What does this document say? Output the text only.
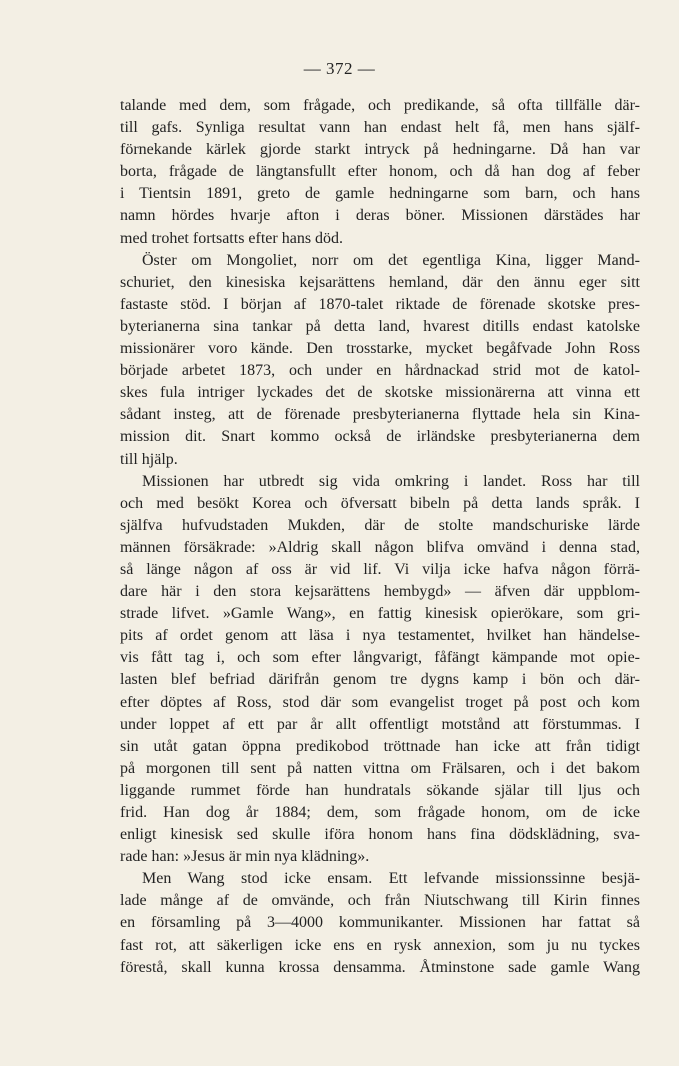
— 372 —
talande med dem, som frågade, och predikande, så ofta tillfälle där-
till gafs. Synliga resultat vann han endast helt få, men hans själf-
förnekande kärlek gjorde starkt intryck på hedningarne. Då han var
borta, frågade de längtansfullt efter honom, och då han dog af feber
i Tientsin 1891, greto de gamle hedningarne som barn, och hans
namn hördes hvarje afton i deras böner. Missionen därstädes har
med trohet fortsatts efter hans död.
Öster om Mongoliet, norr om det egentliga Kina, ligger Mand-
schuriet, den kinesiska kejsarättens hemland, där den ännu eger sitt
fastaste stöd. I början af 1870-talet riktade de förenade skotske pres-
byterianerna sina tankar på detta land, hvarest ditills endast katolske
missionärer voro kände. Den trosstarke, mycket begåfvade John Ross
började arbetet 1873, och under en hårdnackad strid mot de katol-
skes fula intriger lyckades det de skotske missionärerna att vinna ett
sådant insteg, att de förenade presbyterianerna flyttade hela sin Kina-
mission dit. Snart kommo också de irländske presbyterianerna dem
till hjälp.
Missionen har utbredt sig vida omkring i landet. Ross har till
och med besökt Korea och öfversatt bibeln på detta lands språk. I
själfva hufvudstaden Mukden, där de stolte mandschuriske lärde
männen försäkrade: »Aldrig skall någon blifva omvänd i denna stad,
så länge någon af oss är vid lif. Vi vilja icke hafva någon förrä-
dare här i den stora kejsarättens hembygd» — äfven där uppblom-
strade lifvet. »Gamle Wang», en fattig kinesisk opierökare, som gri-
pits af ordet genom att läsa i nya testamentet, hvilket han händelse-
vis fått tag i, och som efter långvarigt, fåfängt kämpande mot opie-
lasten blef befriad därifrån genom tre dygns kamp i bön och där-
efter döptes af Ross, stod där som evangelist troget på post och kom
under loppet af ett par år allt offentligt motstånd att förstummas. I
sin utåt gatan öppna predikobod tröttnade han icke att från tidigt
på morgonen till sent på natten vittna om Frälsaren, och i det bakom
liggande rummet förde han hundratals sökande själar till ljus och
frid. Han dog år 1884; dem, som frågade honom, om de icke
enligt kinesisk sed skulle iföra honom hans fina dödsklädning, sva-
rade han: »Jesus är min nya klädning».
Men Wang stod icke ensam. Ett lefvande missionssinne besjä-
lade månge af de omvände, och från Niutschwang till Kirin finnes
en församling på 3—4000 kommunikanter. Missionen har fattat så
fast rot, att säkerligen icke ens en rysk annexion, som ju nu tyckes
förestå, skall kunna krossa densamma. Åtminstone sade gamle Wang
